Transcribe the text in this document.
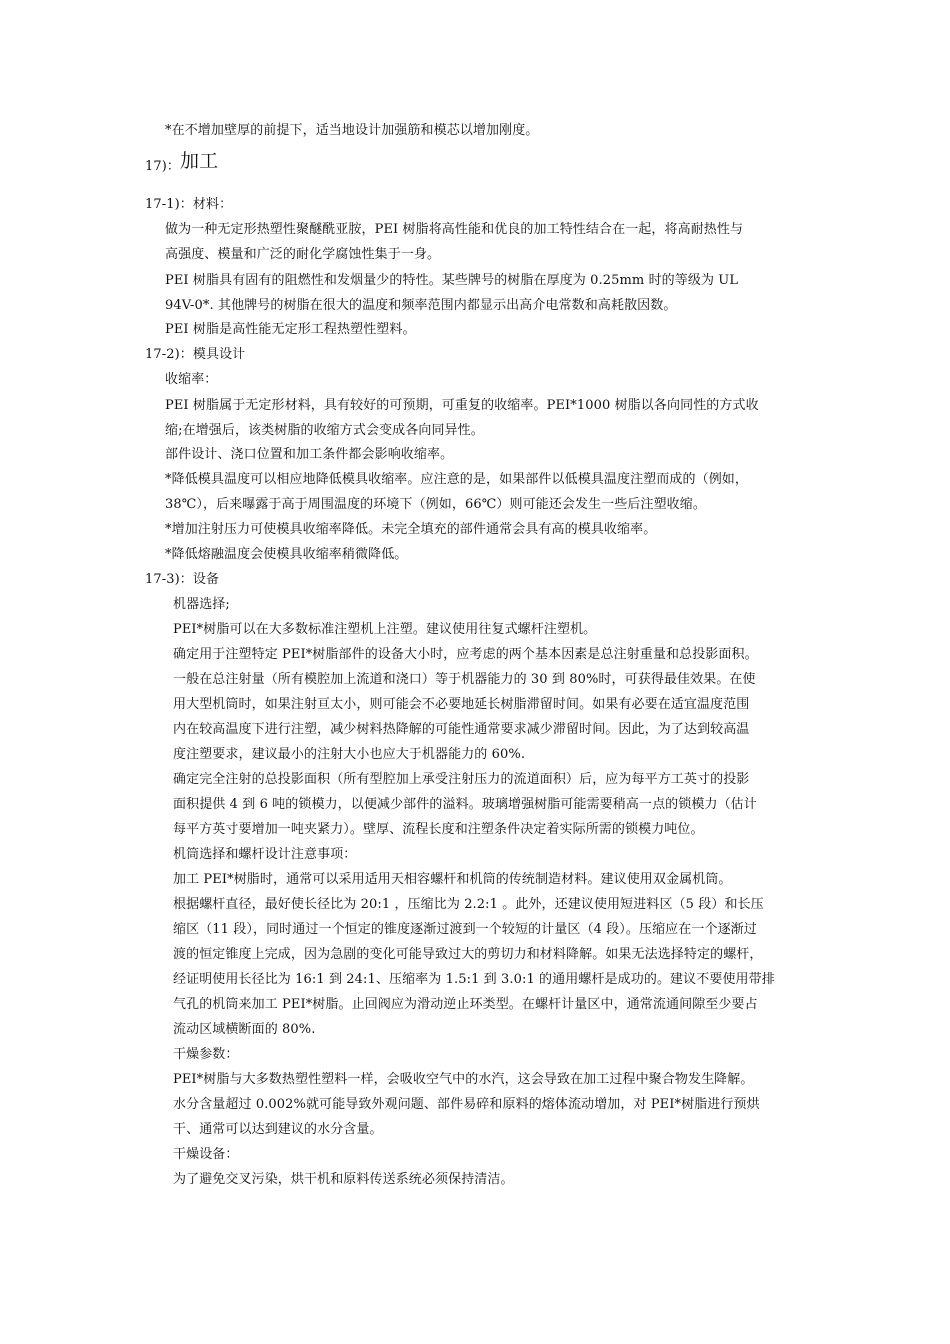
*在不增加壁厚的前提下，适当地设计加强筋和模芯以增加刚度。
17)：加工
17-1)：材料：
做为一种无定形热塑性聚醚酰亚胺，PEI 树脂将高性能和优良的加工特性结合在一起，将高耐热性与
高强度、模量和广泛的耐化学腐蚀性集于一身。
PEI 树脂具有固有的阻燃性和发烟量少的特性。某些牌号的树脂在厚度为 0.25mm 时的等级为 UL
94V-0*. 其他牌号的树脂在很大的温度和频率范围内都显示出高介电常数和高耗散因数。
PEI 树脂是高性能无定形工程热塑性塑料。
17-2)：模具设计
收缩率：
PEI 树脂属于无定形材料，具有较好的可预期，可重复的收缩率。PEI*1000 树脂以各向同性的方式收
缩;在增强后，该类树脂的收缩方式会变成各向同异性。
部件设计、浇口位置和加工条件都会影响收缩率。
*降低模具温度可以相应地降低模具收缩率。应注意的是，如果部件以低模具温度注塑而成的（例如，
38℃），后来曝露于高于周围温度的环境下（例如，66℃）则可能还会发生一些后注塑收缩。
*增加注射压力可使模具收缩率降低。未完全填充的部件通常会具有高的模具收缩率。
*降低熔融温度会使模具收缩率稍微降低。
17-3)：设备
机器选择;
PEI*树脂可以在大多数标准注塑机上注塑。建议使用往复式螺杆注塑机。
确定用于注塑特定 PEI*树脂部件的设备大小时，应考虑的两个基本因素是总注射重量和总投影面积。
一般在总注射量（所有模腔加上流道和浇口）等于机器能力的 30 到 80%时，可获得最佳效果。在使
用大型机筒时，如果注射亘太小，则可能会不必要地延长树脂滞留时间。如果有必要在适宜温度范围
内在较高温度下进行注塑，减少树料热降解的可能性通常要求减少滞留时间。因此，为了达到较高温
度注塑要求，建议最小的注射大小也应大于机器能力的 60%.
确定完全注射的总投影面积（所有型腔加上承受注射压力的流道面积）后，应为每平方工英寸的投影
面积提供 4 到 6 吨的锁模力，以便减少部件的溢料。玻璃增强树脂可能需要稍高一点的锁模力（估计
每平方英寸要增加一吨夹紧力）。壁厚、流程长度和注塑条件决定着实际所需的锁模力吨位。
机筒选择和螺杆设计注意事项：
加工 PEI*树脂时，通常可以采用适用天相容螺杆和机筒的传统制造材料。建议使用双金属机筒。
根据螺杆直径，最好使长径比为 20:1 ，压缩比为 2.2:1 。此外，还建议使用短进料区（5 段）和长压
缩区（11 段），同时通过一个恒定的锥度逐渐过渡到一个较短的计量区（4 段）。压缩应在一个逐渐过
渡的恒定锥度上完成，因为急剧的变化可能导致过大的剪切力和材料降解。如果无法选择特定的螺杆，
经证明使用长径比为 16:1 到 24:1、压缩率为 1.5:1 到 3.0:1 的通用螺杆是成功的。建议不要使用带排
气孔的机筒来加工 PEI*树脂。止回阀应为滑动逆止环类型。在螺杆计量区中，通常流通间隙至少要占
流动区域横断面的 80%.
干燥参数：
PEI*树脂与大多数热塑性塑料一样，会吸收空气中的水汽，这会导致在加工过程中聚合物发生降解。
水分含量超过 0.002%就可能导致外观问题、部件易碎和原料的熔体流动增加，对 PEI*树脂进行预烘
干、通常可以达到建议的水分含量。
干燥设备：
为了避免交叉污染，烘干机和原料传送系统必须保持清洁。
